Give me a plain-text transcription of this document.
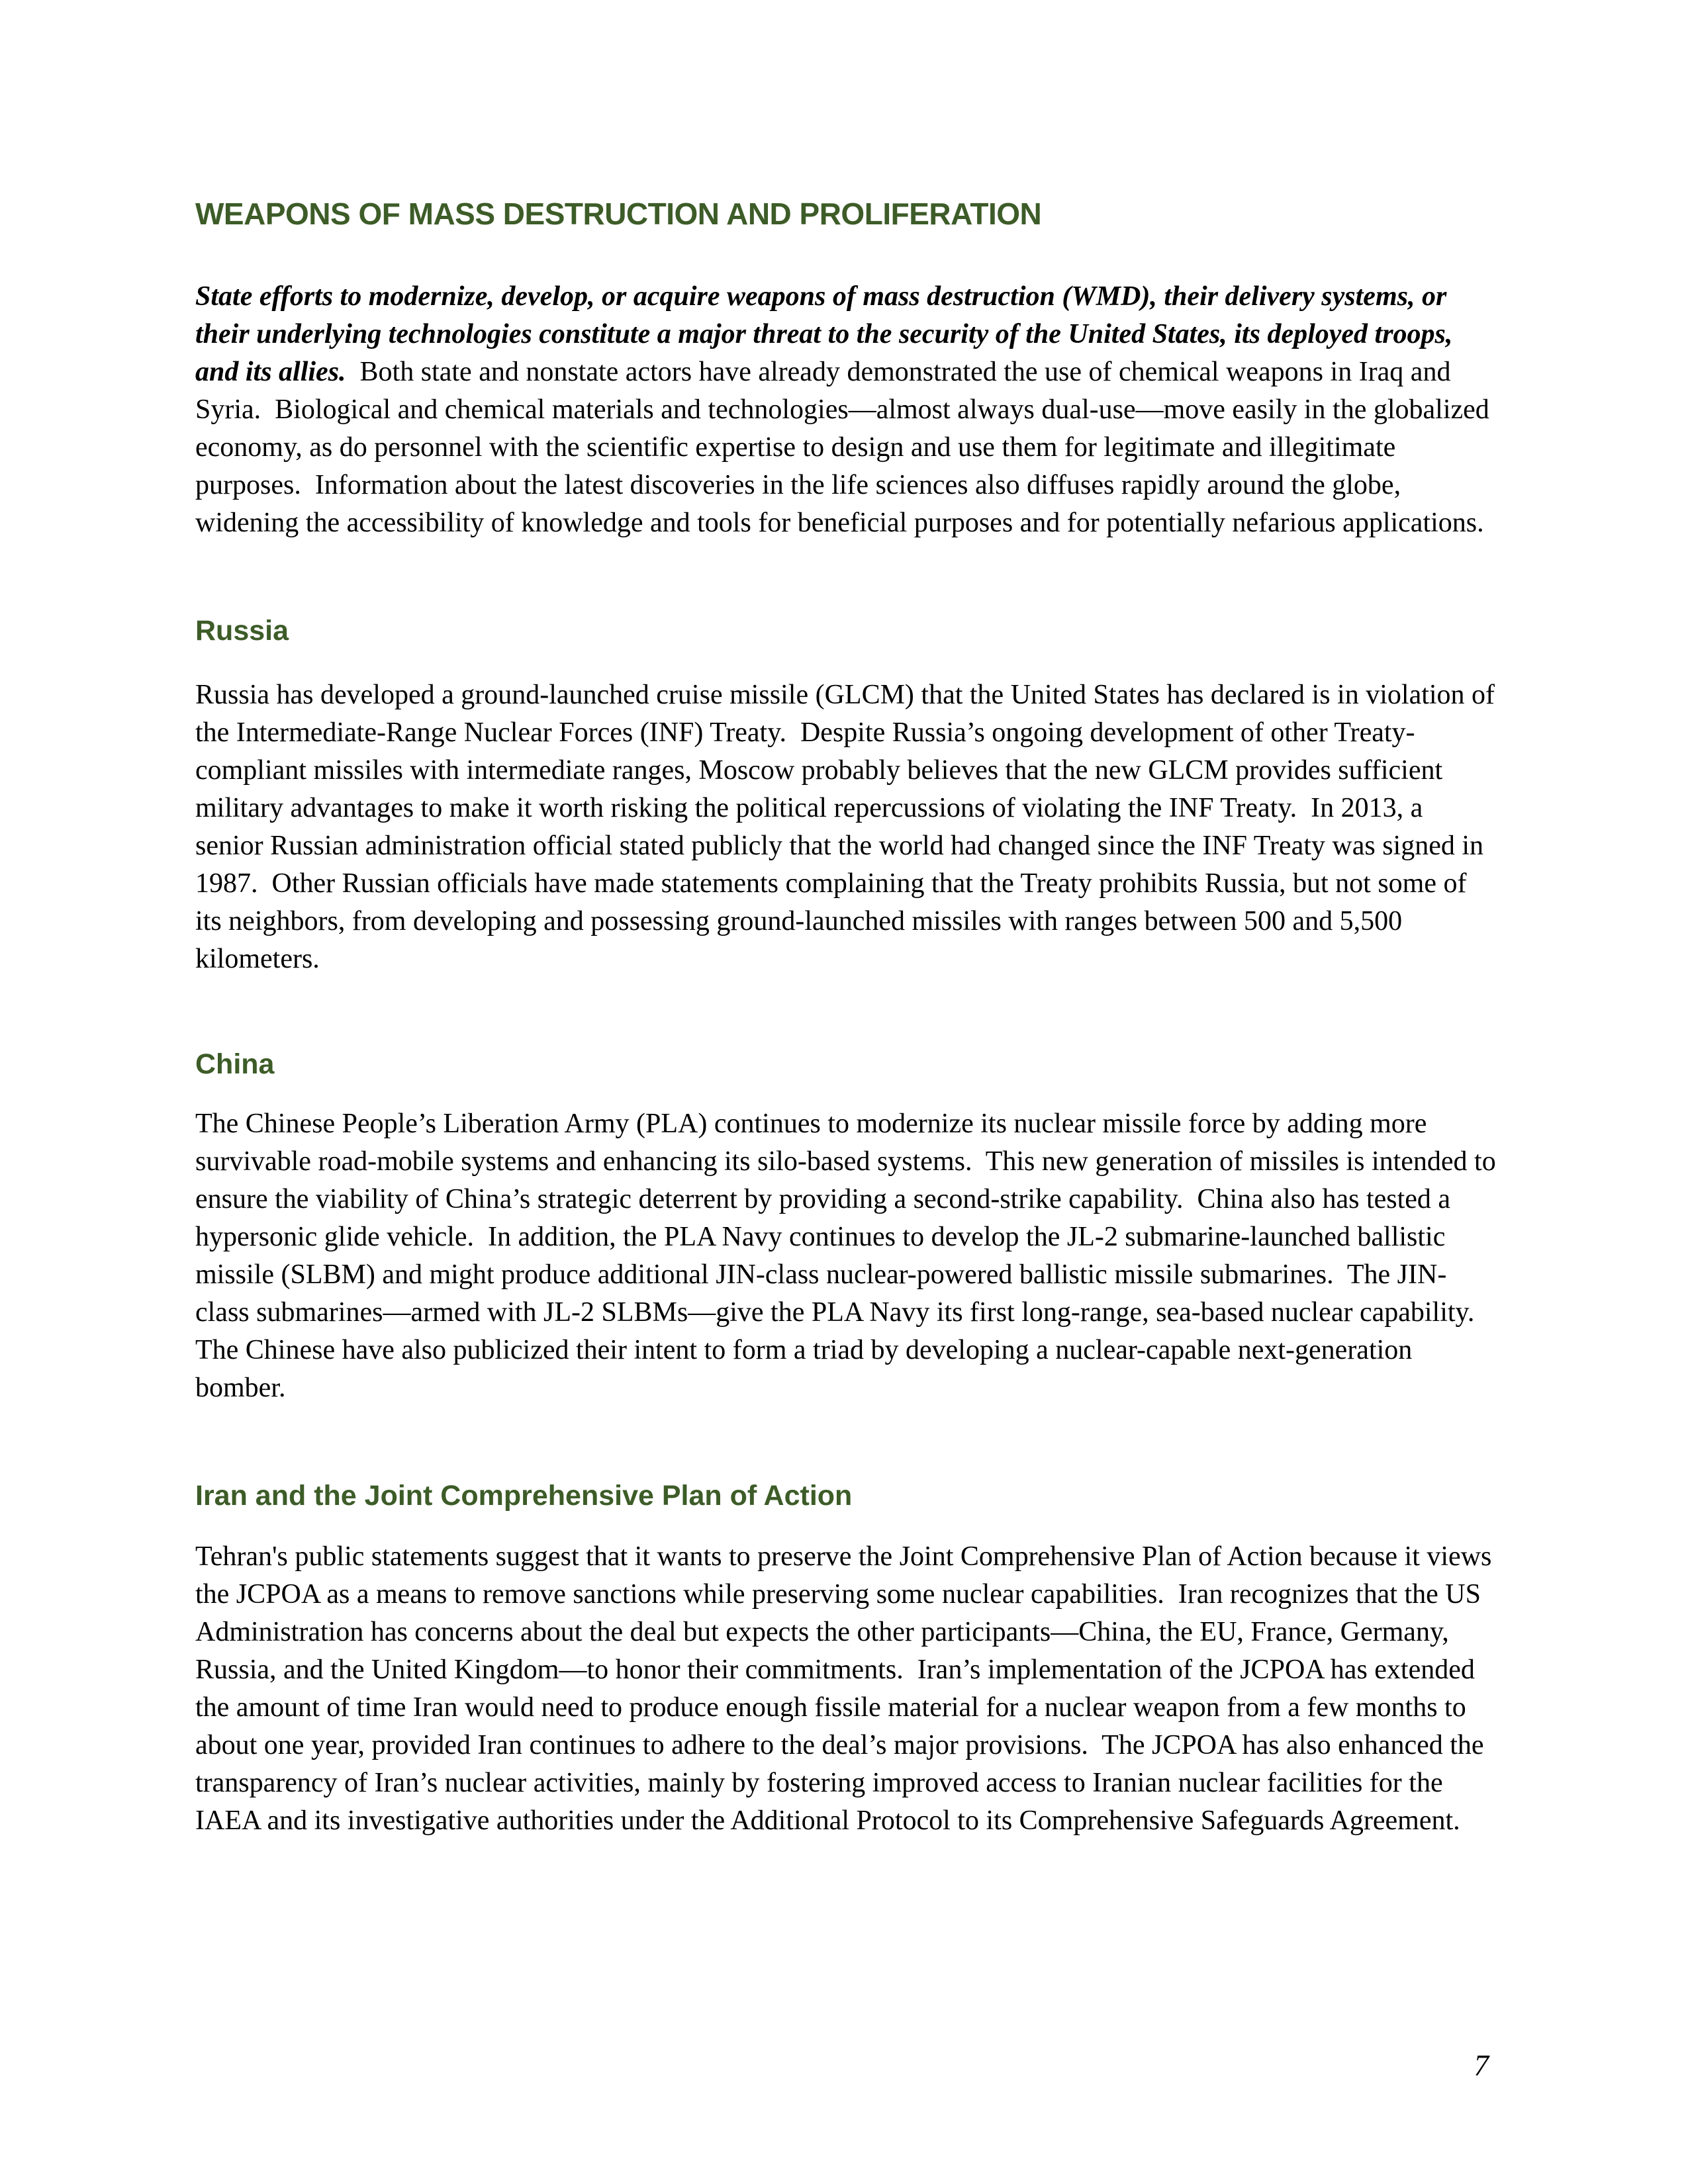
WEAPONS OF MASS DESTRUCTION AND PROLIFERATION

State efforts to modernize, develop, or acquire weapons of mass destruction (WMD), their delivery systems, or their underlying technologies constitute a major threat to the security of the United States, its deployed troops, and its allies.  Both state and nonstate actors have already demonstrated the use of chemical weapons in Iraq and Syria.  Biological and chemical materials and technologies—almost always dual-use—move easily in the globalized economy, as do personnel with the scientific expertise to design and use them for legitimate and illegitimate purposes.  Information about the latest discoveries in the life sciences also diffuses rapidly around the globe, widening the accessibility of knowledge and tools for beneficial purposes and for potentially nefarious applications.

Russia

Russia has developed a ground-launched cruise missile (GLCM) that the United States has declared is in violation of the Intermediate-Range Nuclear Forces (INF) Treaty.  Despite Russia’s ongoing development of other Treaty-compliant missiles with intermediate ranges, Moscow probably believes that the new GLCM provides sufficient military advantages to make it worth risking the political repercussions of violating the INF Treaty.  In 2013, a senior Russian administration official stated publicly that the world had changed since the INF Treaty was signed in 1987.  Other Russian officials have made statements complaining that the Treaty prohibits Russia, but not some of its neighbors, from developing and possessing ground-launched missiles with ranges between 500 and 5,500 kilometers.

China

The Chinese People’s Liberation Army (PLA) continues to modernize its nuclear missile force by adding more survivable road-mobile systems and enhancing its silo-based systems.  This new generation of missiles is intended to ensure the viability of China’s strategic deterrent by providing a second-strike capability.  China also has tested a hypersonic glide vehicle.  In addition, the PLA Navy continues to develop the JL-2 submarine-launched ballistic missile (SLBM) and might produce additional JIN-class nuclear-powered ballistic missile submarines.  The JIN-class submarines—armed with JL-2 SLBMs—give the PLA Navy its first long-range, sea-based nuclear capability.  The Chinese have also publicized their intent to form a triad by developing a nuclear-capable next-generation bomber.

Iran and the Joint Comprehensive Plan of Action

Tehran's public statements suggest that it wants to preserve the Joint Comprehensive Plan of Action because it views the JCPOA as a means to remove sanctions while preserving some nuclear capabilities.  Iran recognizes that the US Administration has concerns about the deal but expects the other participants—China, the EU, France, Germany, Russia, and the United Kingdom—to honor their commitments.  Iran’s implementation of the JCPOA has extended the amount of time Iran would need to produce enough fissile material for a nuclear weapon from a few months to about one year, provided Iran continues to adhere to the deal’s major provisions.  The JCPOA has also enhanced the transparency of Iran’s nuclear activities, mainly by fostering improved access to Iranian nuclear facilities for the IAEA and its investigative authorities under the Additional Protocol to its Comprehensive Safeguards Agreement.

7
